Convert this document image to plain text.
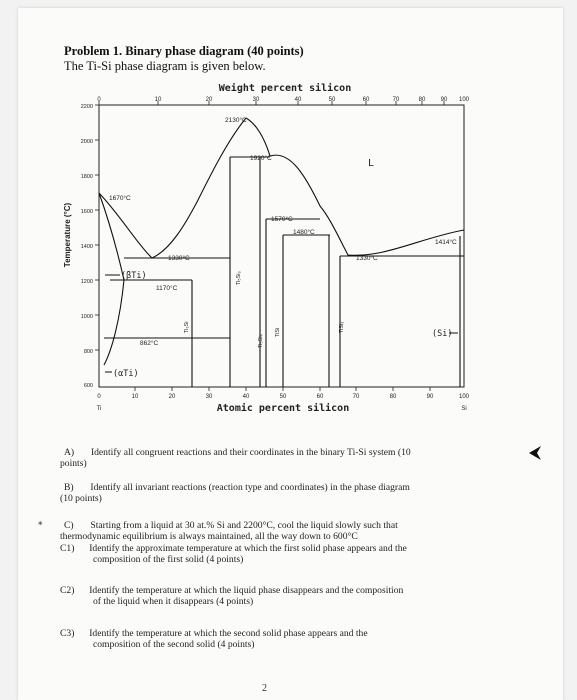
Problem 1. Binary phase diagram (40 points)
The Ti-Si phase diagram is given below.
Weight percent silicon
0	10	20	30	40	50	60	70	80	90 100
Temperature (°C)
2200
2000
1800
1600
1400
1200
1000
800
600
0	10	20	30	40	50	60	70	80	90	100
Ti	Si
Atomic percent silicon
2130°C
1920°C
1670°C
1570°C
1480°C
1414°C
1330°C	1330°C
1170°C
862°C
L
(βTi)
(αTi)
(Si)
Ti₃Si
Ti₅Si₃
Ti₅Si₄
TiSi	TiSi₂
A) Identify all congruent reactions and their coordinates in the binary Ti-Si system (10
points)
B) Identify all invariant reactions (reaction type and coordinates) in the phase diagram
(10 points)
✴ C) Starting from a liquid at 30 at.% Si and 2200°C, cool the liquid slowly such that
thermodynamic equilibrium is always maintained, all the way down to 600°C
C1) Identify the approximate temperature at which the first solid phase appears and the
composition of the first solid (4 points)
C2) Identify the temperature at which the liquid phase disappears and the composition
of the liquid when it disappears (4 points)
C3) Identify the temperature at which the second solid phase appears and the
composition of the second solid (4 points)
2
